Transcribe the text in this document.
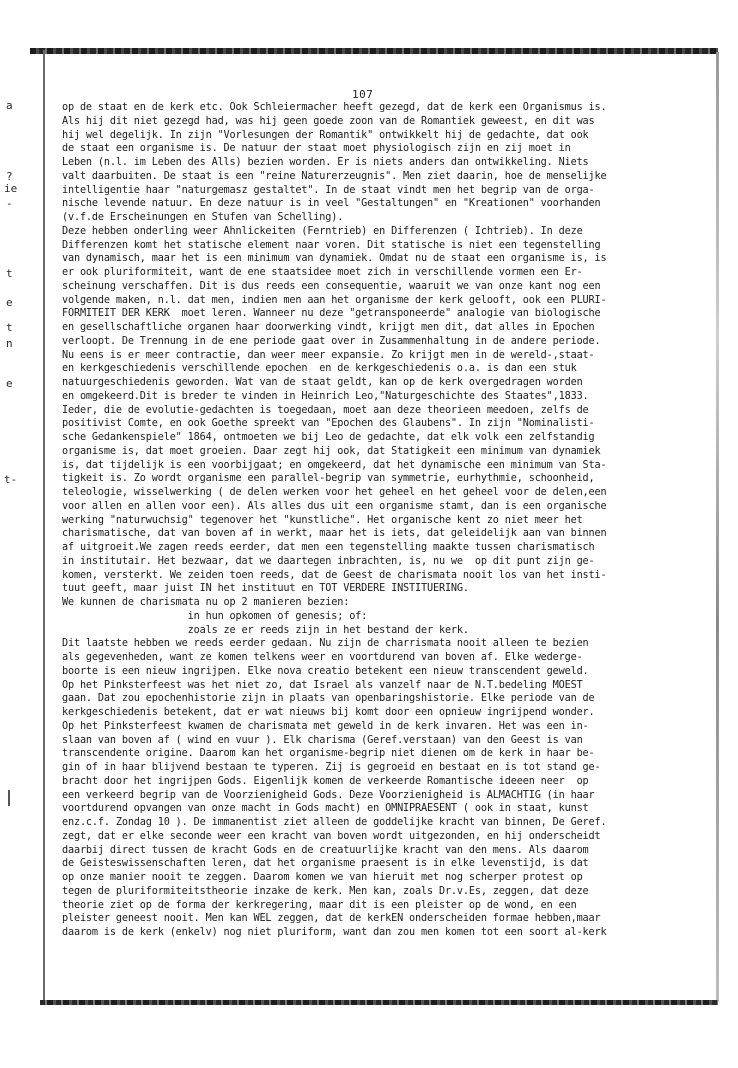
a
?
ie
-
t
e
t
n
e
t-
107
op de staat en de kerk etc. Ook Schleiermacher heeft gezegd, dat de kerk een Organismus is.
Als hij dit niet gezegd had, was hij geen goede zoon van de Romantiek geweest, en dit was
hij wel degelijk. In zijn "Vorlesungen der Romantik" ontwikkelt hij de gedachte, dat ook
de staat een organisme is. De natuur der staat moet physiologisch zijn en zij moet in
Leben (n.l. im Leben des Alls) bezien worden. Er is niets anders dan ontwikkeling. Niets
valt daarbuiten. De staat is een "reine Naturerzeugnis". Men ziet daarin, hoe de menselijke
intelligentie haar "naturgemasz gestaltet". In de staat vindt men het begrip van de orga-
nische levende natuur. En deze natuur is in veel "Gestaltungen" en "Kreationen" voorhanden
(v.f.de Erscheinungen en Stufen van Schelling).
Deze hebben onderling weer Ahnlickeiten (Ferntrieb) en Differenzen ( Ichtrieb). In deze
Differenzen komt het statische element naar voren. Dit statische is niet een tegenstelling
van dynamisch, maar het is een minimum van dynamiek. Omdat nu de staat een organisme is, is
er ook pluriformiteit, want de ene staatsidee moet zich in verschillende vormen een Er-
scheinung verschaffen. Dit is dus reeds een consequentie, waaruit we van onze kant nog een
volgende maken, n.l. dat men, indien men aan het organisme der kerk gelooft, ook een PLURI-
FORMITEIT DER KERK  moet leren. Wanneer nu deze "getransponeerde" analogie van biologische
en gesellschaftliche organen haar doorwerking vindt, krijgt men dit, dat alles in Epochen
verloopt. De Trennung in de ene periode gaat over in Zusammenhaltung in de andere periode.
Nu eens is er meer contractie, dan weer meer expansie. Zo krijgt men in de wereld-,staat-
en kerkgeschiedenis verschillende epochen  en de kerkgeschiedenis o.a. is dan een stuk
natuurgeschiedenis geworden. Wat van de staat geldt, kan op de kerk overgedragen worden
en omgekeerd.Dit is breder te vinden in Heinrich Leo,"Naturgeschichte des Staates",1833.
Ieder, die de evolutie-gedachten is toegedaan, moet aan deze theorieen meedoen, zelfs de
positivist Comte, en ook Goethe spreekt van "Epochen des Glaubens". In zijn "Nominalisti-
sche Gedankenspiele" 1864, ontmoeten we bij Leo de gedachte, dat elk volk een zelfstandig
organisme is, dat moet groeien. Daar zegt hij ook, dat Statigkeit een minimum van dynamiek
is, dat tijdelijk is een voorbijgaat; en omgekeerd, dat het dynamische een minimum van Sta-
tigkeit is. Zo wordt organisme een parallel-begrip van symmetrie, eurhythmie, schoonheid,
teleologie, wisselwerking ( de delen werken voor het geheel en het geheel voor de delen,een
voor allen en allen voor een). Als alles dus uit een organisme stamt, dan is een organische
werking "naturwuchsig" tegenover het "kunstliche". Het organische kent zo niet meer het
charismatische, dat van boven af in werkt, maar het is iets, dat geleidelijk aan van binnen
af uitgroeit.We zagen reeds eerder, dat men een tegenstelling maakte tussen charismatisch
in institutair. Het bezwaar, dat we daartegen inbrachten, is, nu we  op dit punt zijn ge-
komen, versterkt. We zeiden toen reeds, dat de Geest de charismata nooit los van het insti-
tuut geeft, maar juist IN het instituut en TOT VERDERE INSTITUERING.
We kunnen de charismata nu op 2 manieren bezien:
in hun opkomen of genesis; of:
zoals ze er reeds zijn in het bestand der kerk.
Dit laatste hebben we reeds eerder gedaan. Nu zijn de charrismata nooit alleen te bezien
als gegevenheden, want ze komen telkens weer en voortdurend van boven af. Elke wederge-
boorte is een nieuw ingrijpen. Elke nova creatio betekent een nieuw transcendent geweld.
Op het Pinksterfeest was het niet zo, dat Israel als vanzelf naar de N.T.bedeling MOEST
gaan. Dat zou epochenhistorie zijn in plaats van openbaringshistorie. Elke periode van de
kerkgeschiedenis betekent, dat er wat nieuws bij komt door een opnieuw ingrijpend wonder.
Op het Pinksterfeest kwamen de charismata met geweld in de kerk invaren. Het was een in-
slaan van boven af ( wind en vuur ). Elk charisma (Geref.verstaan) van den Geest is van
transcendente origine. Daarom kan het organisme-begrip niet dienen om de kerk in haar be-
gin of in haar blijvend bestaan te typeren. Zij is gegroeid en bestaat en is tot stand ge-
bracht door het ingrijpen Gods. Eigenlijk komen de verkeerde Romantische ideeen neer  op
een verkeerd begrip van de Voorzienigheid Gods. Deze Voorzienigheid is ALMACHTIG (in haar
voortdurend opvangen van onze macht in Gods macht) en OMNIPRAESENT ( ook in staat, kunst
enz.c.f. Zondag 10 ). De immanentist ziet alleen de goddelijke kracht van binnen, De Geref.
zegt, dat er elke seconde weer een kracht van boven wordt uitgezonden, en hij onderscheidt
daarbij direct tussen de kracht Gods en de creatuurlijke kracht van den mens. Als daarom
de Geisteswissenschaften leren, dat het organisme praesent is in elke levenstijd, is dat
op onze manier nooit te zeggen. Daarom komen we van hieruit met nog scherper protest op
tegen de pluriformiteitstheorie inzake de kerk. Men kan, zoals Dr.v.Es, zeggen, dat deze
theorie ziet op de forma der kerkregering, maar dit is een pleister op de wond, en een
pleister geneest nooit. Men kan WEL zeggen, dat de kerkEN onderscheiden formae hebben,maar
daarom is de kerk (enkelv) nog niet pluriform, want dan zou men komen tot een soort al-kerk
